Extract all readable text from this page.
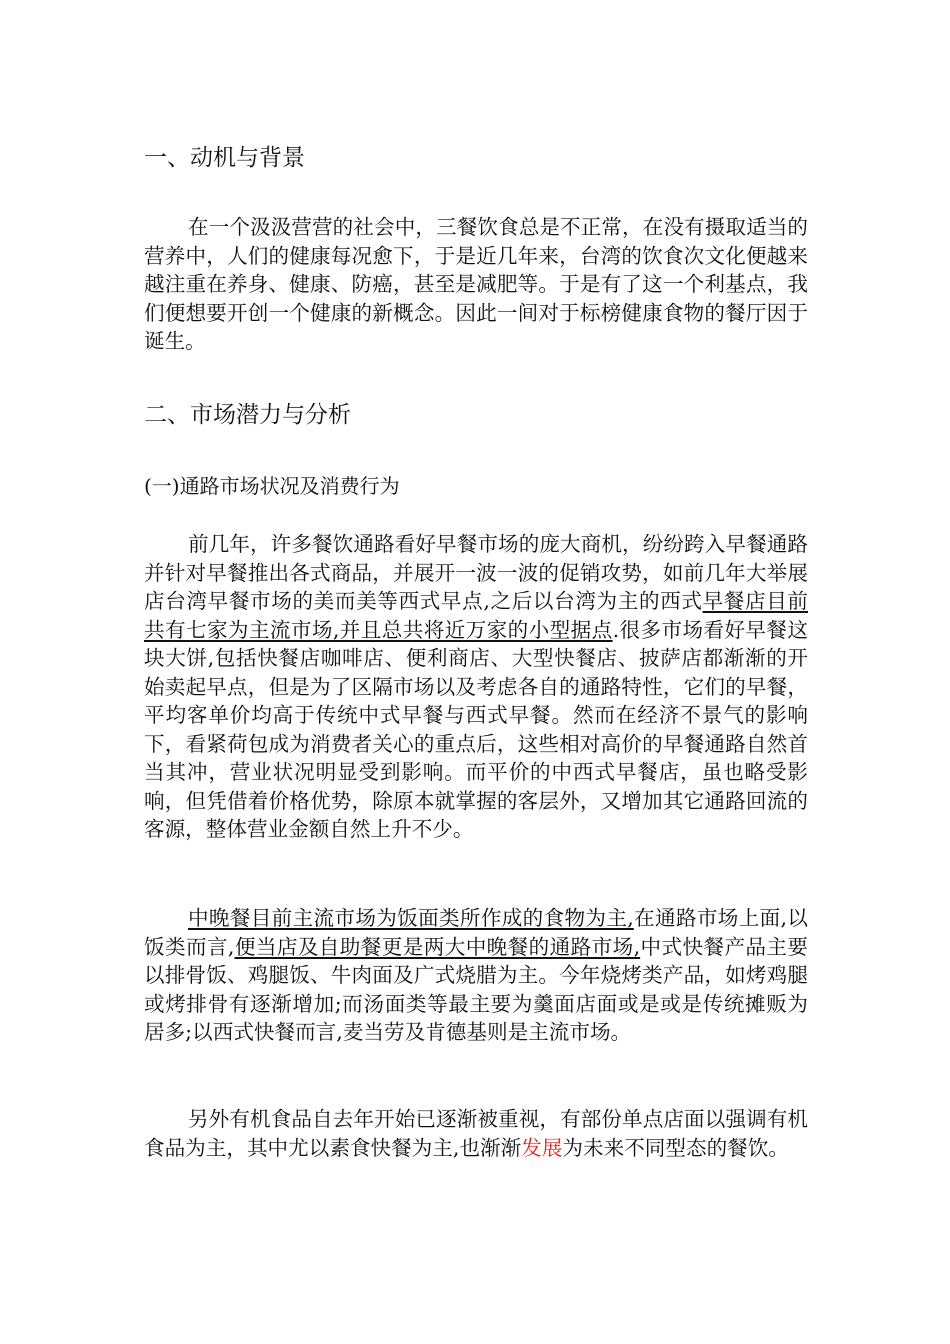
一、动机与背景

在一个汲汲营营的社会中，三餐饮食总是不正常，在没有摄取适当的营养中，人们的健康每况愈下，于是近几年来，台湾的饮食次文化便越来越注重在养身、健康、防癌，甚至是减肥等。于是有了这一个利基点，我们便想要开创一个健康的新概念。因此一间对于标榜健康食物的餐厅因于诞生。

二、市场潜力与分析
(一)通路市场状况及消费行为

前几年，许多餐饮通路看好早餐市场的庞大商机，纷纷跨入早餐通路并针对早餐推出各式商品，并展开一波一波的促销攻势，如前几年大举展店台湾早餐市场的美而美等西式早点,之后以台湾为主的西式早餐店目前共有七家为主流市场,并且总共将近万家的小型据点.很多市场看好早餐这块大饼,包括快餐店咖啡店、便利商店、大型快餐店、披萨店都渐渐的开始卖起早点，但是为了区隔市场以及考虑各自的通路特性，它们的早餐，平均客单价均高于传统中式早餐与西式早餐。然而在经济不景气的影响下，看紧荷包成为消费者关心的重点后，这些相对高价的早餐通路自然首当其冲，营业状况明显受到影响。而平价的中西式早餐店，虽也略受影响，但凭借着价格优势，除原本就掌握的客层外，又增加其它通路回流的客源，整体营业金额自然上升不少。

中晚餐目前主流市场为饭面类所作成的食物为主,在通路市场上面,以饭类而言,便当店及自助餐更是两大中晚餐的通路市场,中式快餐产品主要以排骨饭、鸡腿饭、牛肉面及广式烧腊为主。今年烧烤类产品，如烤鸡腿或烤排骨有逐渐增加;而汤面类等最主要为羹面店面或是或是传统摊贩为居多;以西式快餐而言,麦当劳及肯德基则是主流市场。

另外有机食品自去年开始已逐渐被重视，有部份单点店面以强调有机食品为主，其中尤以素食快餐为主,也渐渐发展为未来不同型态的餐饮。
